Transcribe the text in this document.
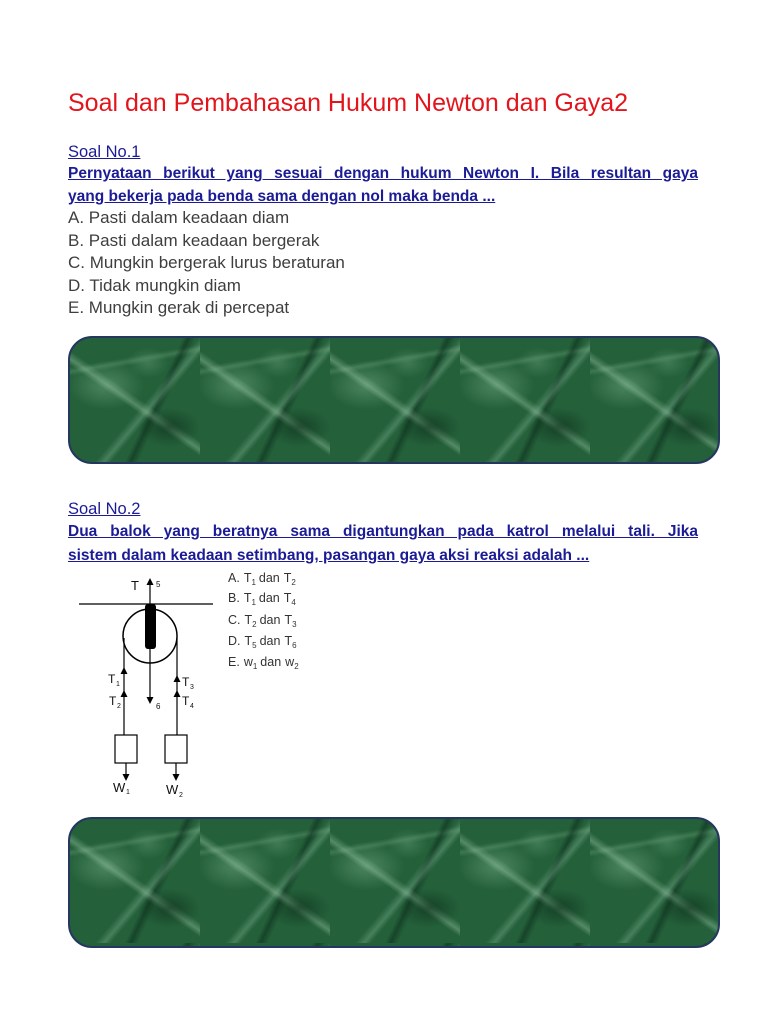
Soal dan Pembahasan Hukum Newton dan Gaya2
Soal No.1
Pernyataan berikut yang sesuai dengan hukum Newton I. Bila resultan gaya
yang bekerja pada benda sama dengan nol maka benda ...
A. Pasti dalam keadaan diam
B. Pasti dalam keadaan bergerak
C. Mungkin bergerak lurus beraturan
D. Tidak mungkin diam
E. Mungkin gerak di percepat
Soal No.2
Dua balok yang beratnya sama digantungkan pada katrol melalui tali. Jika
sistem dalam keadaan setimbang, pasangan gaya aksi reaksi adalah ...
T 5
6
T 1
T 2
T 3
T 4
W 1	W 2
A. $T_1$ dan $T_2$
B. $T_1$ dan $T_4$
C. $T_2$ dan $T_3$
D. $T_5$ dan $T_6$
E. $w_1$ dan $w_2$
